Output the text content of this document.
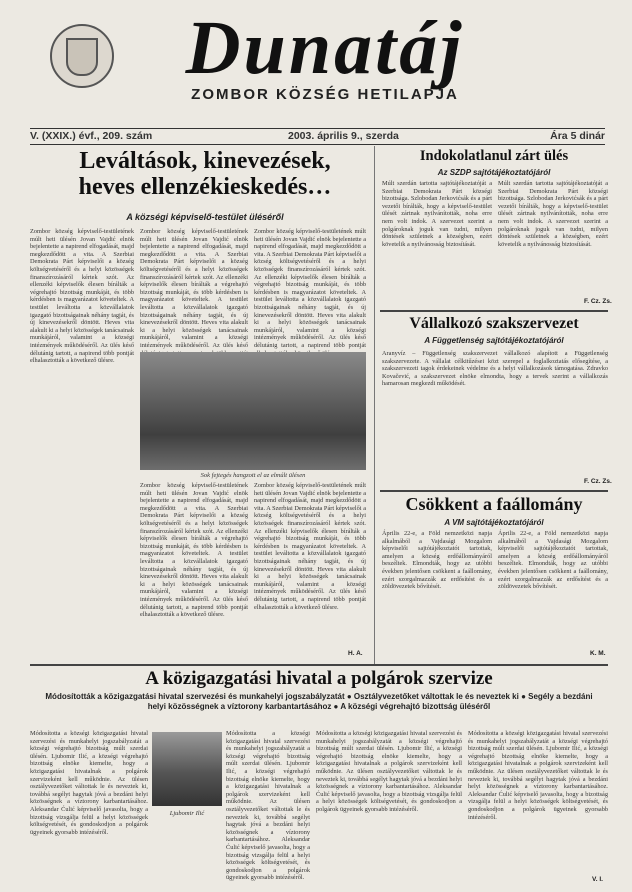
Dunatáj
ZOMBOR KÖZSÉG HETILAPJA
V. (XXIX.) évf., 209. szám	2003. április 9., szerda	Ára 5 dinár
Leváltások, kinevezések, heves ellenzékieskedés…
A községi képviselő-testület üléséről
Zombor község képviselő-testületének múlt heti ülésén Jovan Vajdić elnök bejelentette a napirend elfogadását, majd megkezdődött a vita. A Szerbiai Demokrata Párt képviselői a község költségvetéséről és a helyi közösségek finanszírozásáról kértek szót. Az ellenzéki képviselők élesen bírálták a végrehajtó bizottság munkáját, és több kérdésben is magyarázatot követeltek. A testület leváltotta a közvállalatok igazgató bizottságainak néhány tagját, és új kinevezésekről döntött. Heves vita alakult ki a helyi közösségek tanácsainak munkájáról, valamint a községi intézmények működéséről. Az ülés késő délutánig tartott, a napirend több pontját elhalasztották a következő ülésre.
Zombor község képviselő-testületének múlt heti ülésén Jovan Vajdić elnök bejelentette a napirend elfogadását, majd megkezdődött a vita. A Szerbiai Demokrata Párt képviselői a község költségvetéséről és a helyi közösségek finanszírozásáról kértek szót. Az ellenzéki képviselők élesen bírálták a végrehajtó bizottság munkáját, és több kérdésben is magyarázatot követeltek. A testület leváltotta a közvállalatok igazgató bizottságainak néhány tagját, és új kinevezésekről döntött. Heves vita alakult ki a helyi közösségek tanácsainak munkájáról, valamint a községi intézmények működéséről. Az ülés késő
Zombor község képviselő-testületének múlt heti ülésén Jovan Vajdić elnök bejelentette a napirend elfogadását, majd megkezdődött a vita. A Szerbiai Demokrata Párt képviselői a község költségvetéséről és a helyi közösségek finanszírozásáról kértek szót. Az ellenzéki képviselők élesen bírálták a végrehajtó bizottság munkáját, és több kérdésben is magyarázatot követeltek. A testület leváltotta a közvállalatok igazgató bizottságainak néhány tagját, és új kinevezésekről döntött. Heves vita alakult ki a helyi közösségek tanácsainak munkájáról, valamint a községi intézmények működéséről. Az ülés késő délutánig tartott, a napirend több pontját
Sok fejtegés hangzott el az elmúlt ülésen
Zombor község képviselő-testületének múlt heti ülésén Jovan Vajdić elnök bejelentette a napirend elfogadását, majd megkezdődött a vita. A Szerbiai Demokrata Párt képviselői a község költségvetéséről és a helyi közösségek finanszírozásáról kértek szót. Az ellenzéki képviselők élesen bírálták a végrehajtó bizottság munkáját, és több kérdésben is magyarázatot követeltek. A testület leváltotta a közvállalatok igazgató bizottságainak néhány tagját, és új kinevezésekről döntött. Heves vita alakult ki a helyi közösségek tanácsainak munkájáról, valamint a községi intézmények működéséről. Az ülés késő délutánig tartott, a napirend több pontját elhalasztották a következő ülésre.
Zombor község képviselő-testületének múlt heti ülésén Jovan Vajdić elnök bejelentette a napirend elfogadását, majd megkezdődött a vita. A Szerbiai Demokrata Párt képviselői a község költségvetéséről és a helyi közösségek finanszírozásáról kértek szót. Az ellenzéki képviselők élesen bírálták a végrehajtó bizottság munkáját, és több kérdésben is magyarázatot követeltek. A testület leváltotta a közvállalatok igazgató bizottságainak néhány tagját, és új kinevezésekről döntött. Heves vita alakult ki a helyi közösségek tanácsainak munkájáról, valamint a községi intézmények működéséről. Az ülés késő délutánig tartott, a napirend több pontját elhalasztották a következő ülésre.
H. A.
Indokolatlanul zárt ülés
Az SZDP sajtótájékoztatójáról
Múlt szerdán tartotta sajtótájékoztatóját a Szerbiai Demokrata Párt községi bizottsága. Szlobodan Jerkovićsák és a párt vezetői bírálták, hogy a képviselő-testület ülését zártnak nyilvánították, noha erre nem volt indok. A szervezet szerint a polgároknak joguk van tudni, milyen döntések születnek a községben, ezért követelik a nyilvánosság biztosítását.
Múlt szerdán tartotta sajtótájékoztatóját a Szerbiai Demokrata Párt községi bizottsága. Szlobodan Jerkovićsák és a párt vezetői bírálták, hogy a képviselő-testület ülését zártnak nyilvánították, noha erre nem volt indok. A szervezet szerint a polgároknak joguk van tudni, milyen döntések születnek a községben, ezért követelik a nyilvánosság biztosítását.
F. Cz. Zs.
Vállalkozó szakszervezet
A Függetlenség sajtótájékoztatójáról
Aranyvíz – Függetlenség szakszervezet vállalkozó alapított a Függetlenség szakszervezete. A vállalat célkitűzései közt szerepel a foglalkoztatás elősegítése, a szakszervezeti tagok érdekeinek védelme és a helyi vállalkozások támogatása. Zdravko Kovačević, a szakszervezet elnöke elmondta, hogy a tervek szerint a vállalkozás hamarosan megkezdi működését.
F. Cz. Zs.
Csökkent a faállomány
A VM sajtótájékoztatójáról
Április 22-e, a Föld nemzetközi napja alkalmából a Vajdasági Mozgalom képviselői sajtótájékoztatót tartottak, amelyen a község erdőállományáról beszéltek. Elmondták, hogy az utóbbi években jelentősen csökkent a faállomány, ezért szorgalmazzák az erdősítést és a zöldövezetek bővítését.
Április 22-e, a Föld nemzetközi napja alkalmából a Vajdasági Mozgalom képviselői sajtótájékoztatót tartottak, amelyen a község erdőállományáról beszéltek. Elmondták, hogy az utóbbi években jelentősen csökkent a faállomány, ezért szorgalmazzák az erdősítést és a zöldövezetek bővítését.
K. M.
A közigazgatási hivatal a polgárok szervize
Módosították a közigazgatási hivatal szervezési és munkahelyi jogszabályzatát ● Osztályvezetőket váltottak le és neveztek ki ● Segély a bezdáni helyi közösségnek a víztorony karbantartásához ● A községi végrehajtó bizottság üléséről
Ljubomir Ilić
Módosította a községi közigazgatási hivatal szervezési és munkahelyi jogszabályzatát a községi végrehajtó bizottság múlt szerdai ülésén. Ljubomir Ilić, a községi végrehajtó bizottság elnöke kiemelte, hogy a közigazgatási hivatalnak a polgárok szervizeként kell működnie. Az ülésen osztályvezetőket váltottak le és neveztek ki, továbbá segélyt hagytak jóvá a bezdáni helyi közösségnek a víztorony karbantartásához. Aleksandar Ćulić képviselő javasolta, hogy a bizottság vizsgálja felül a helyi közösségek költségvetését, és gondoskodjon a polgárok ügyeinek gyorsabb intézéséről.
Módosította a községi közigazgatási hivatal szervezési és munkahelyi jogszabályzatát a községi végrehajtó bizottság múlt szerdai ülésén. Ljubomir Ilić, a községi végrehajtó bizottság elnöke kiemelte, hogy a közigazgatási hivatalnak a polgárok szervizeként kell működnie. Az ülésen osztályvezetőket váltottak le és neveztek ki, továbbá segélyt hagytak jóvá a bezdáni helyi közösségnek a víztorony karbantartásához. Aleksandar Ćulić képviselő javasolta, hogy a bizottság vizsgálja felül a helyi közösségek költségvetését, és gondoskodjon a polgárok ügyeinek gyorsabb intézéséről.
Módosította a községi közigazgatási hivatal szervezési és munkahelyi jogszabályzatát a községi végrehajtó bizottság múlt szerdai ülésén. Ljubomir Ilić, a községi végrehajtó bizottság elnöke kiemelte, hogy a közigazgatási hivatalnak a polgárok szervizeként kell működnie. Az ülésen osztályvezetőket váltottak le és neveztek ki, továbbá segélyt hagytak jóvá a bezdáni helyi közösségnek a víztorony karbantartásához. Aleksandar Ćulić képviselő javasolta, hogy a bizottság vizsgálja felül a helyi közösségek költségvetését, és gondoskodjon a polgárok ügyeinek gyorsabb intézéséről.
Módosította a községi közigazgatási hivatal szervezési és munkahelyi jogszabályzatát a községi végrehajtó bizottság múlt szerdai ülésén. Ljubomir Ilić, a községi végrehajtó bizottság elnöke kiemelte, hogy a közigazgatási hivatalnak a polgárok szervizeként kell működnie. Az ülésen osztályvezetőket váltottak le és neveztek ki, továbbá segélyt hagytak jóvá a bezdáni helyi közösségnek a víztorony karbantartásához. Aleksandar Ćulić képviselő javasolta, hogy a bizottság vizsgálja felül a helyi közösségek költségvetését, és gondoskodjon a polgárok ügyeinek gyorsabb intézéséről.
V. I.
